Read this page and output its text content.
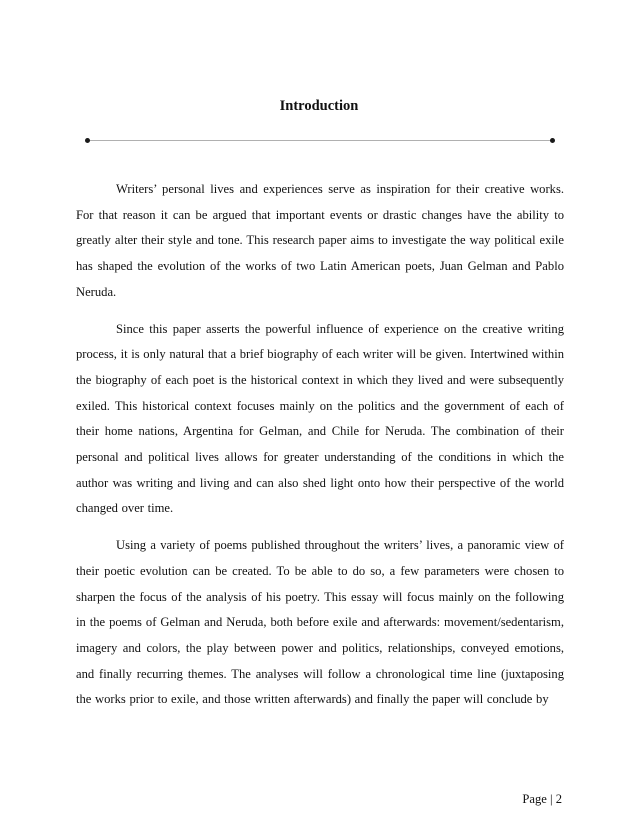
Introduction

Writers’ personal lives and experiences serve as inspiration for their creative works. For that reason it can be argued that important events or drastic changes have the ability to greatly alter their style and tone. This research paper aims to investigate the way political exile has shaped the evolution of the works of two Latin American poets, Juan Gelman and Pablo Neruda.

Since this paper asserts the powerful influence of experience on the creative writing process, it is only natural that a brief biography of each writer will be given. Intertwined within the biography of each poet is the historical context in which they lived and were subsequently exiled. This historical context focuses mainly on the politics and the government of each of their home nations, Argentina for Gelman, and Chile for Neruda. The combination of their personal and political lives allows for greater understanding of the conditions in which the author was writing and living and can also shed light onto how their perspective of the world changed over time.

Using a variety of poems published throughout the writers’ lives, a panoramic view of their poetic evolution can be created. To be able to do so, a few parameters were chosen to sharpen the focus of the analysis of his poetry. This essay will focus mainly on the following in the poems of Gelman and Neruda, both before exile and afterwards: movement/sedentarism, imagery and colors, the play between power and politics, relationships, conveyed emotions, and finally recurring themes. The analyses will follow a chronological time line (juxtaposing the works prior to exile, and those written afterwards) and finally the paper will conclude by

Page | 2
